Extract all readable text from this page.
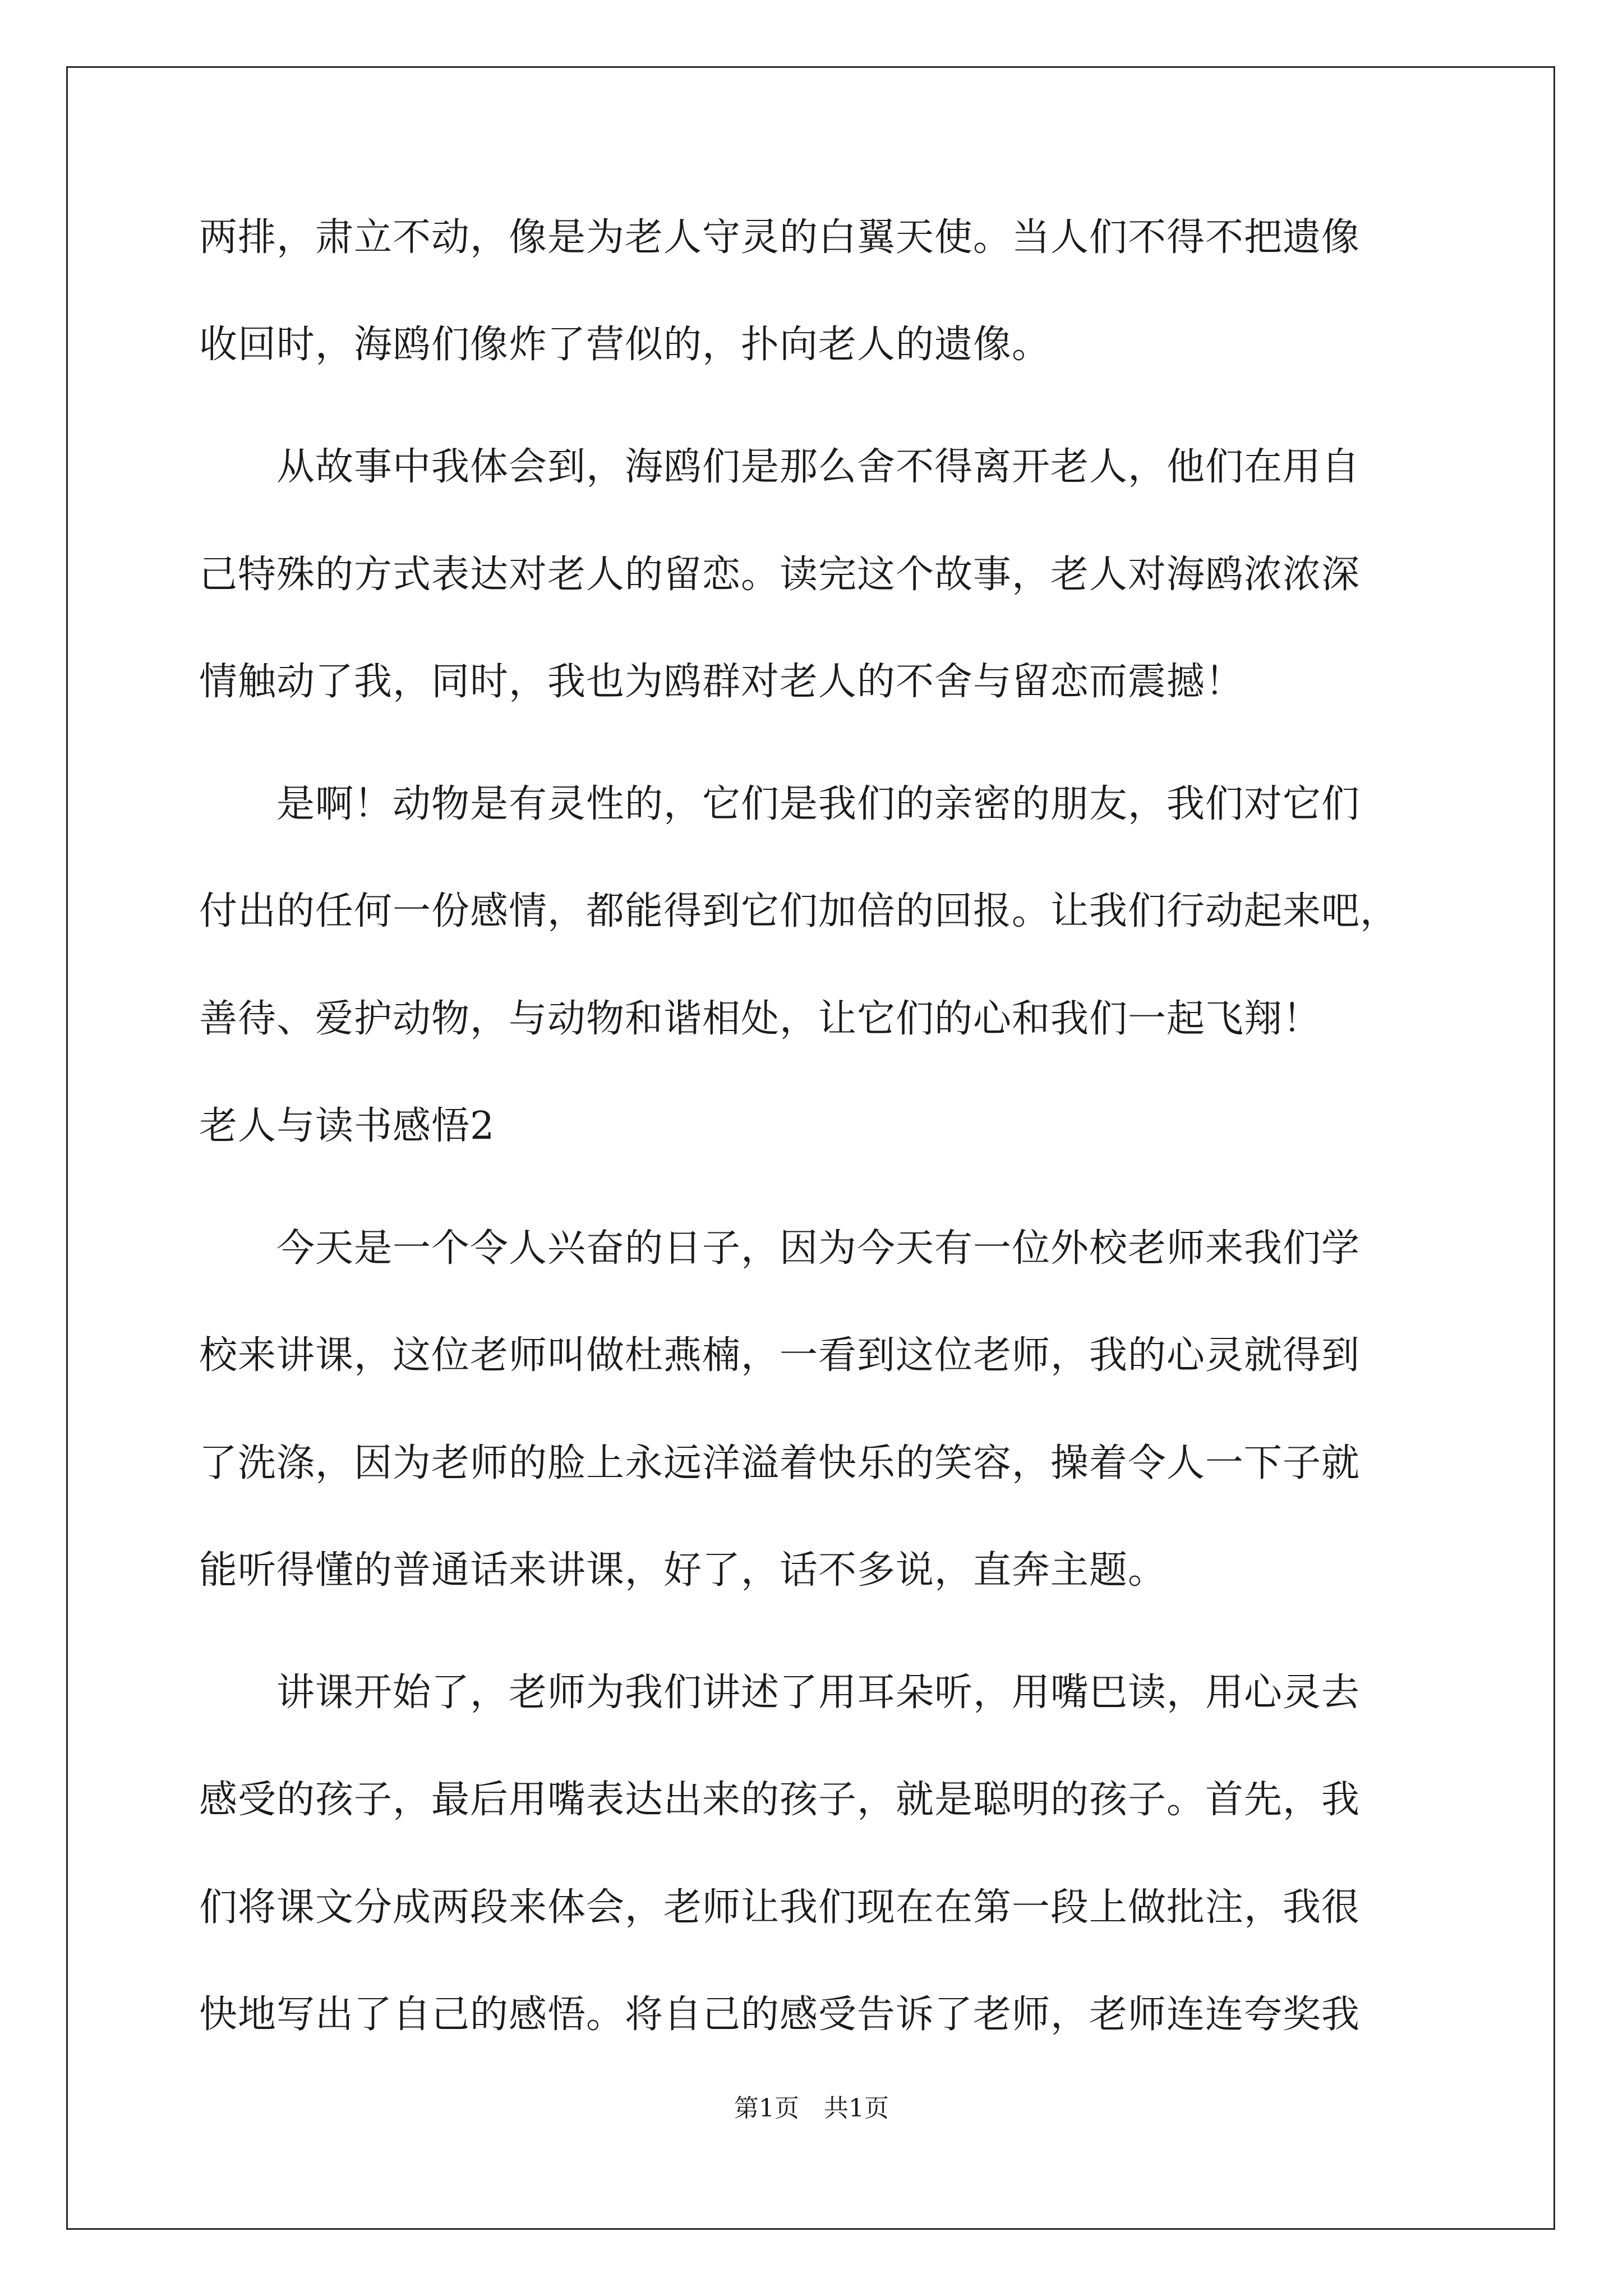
两排，肃立不动，像是为老人守灵的白翼天使。当人们不得不把遗像
收回时，海鸥们像炸了营似的，扑向老人的遗像。
　　从故事中我体会到，海鸥们是那么舍不得离开老人，他们在用自
己特殊的方式表达对老人的留恋。读完这个故事，老人对海鸥浓浓深
情触动了我，同时，我也为鸥群对老人的不舍与留恋而震撼！
　　是啊！动物是有灵性的，它们是我们的亲密的朋友，我们对它们
付出的任何一份感情，都能得到它们加倍的回报。让我们行动起来吧，
善待、爱护动物，与动物和谐相处，让它们的心和我们一起飞翔！
老人与读书感悟2
　　今天是一个令人兴奋的日子，因为今天有一位外校老师来我们学
校来讲课，这位老师叫做杜燕楠，一看到这位老师，我的心灵就得到
了洗涤，因为老师的脸上永远洋溢着快乐的笑容，操着令人一下子就
能听得懂的普通话来讲课，好了，话不多说，直奔主题。
　　讲课开始了，老师为我们讲述了用耳朵听，用嘴巴读，用心灵去
感受的孩子，最后用嘴表达出来的孩子，就是聪明的孩子。首先，我
们将课文分成两段来体会，老师让我们现在在第一段上做批注，我很
快地写出了自己的感悟。将自己的感受告诉了老师，老师连连夸奖我
第1页　共1页
